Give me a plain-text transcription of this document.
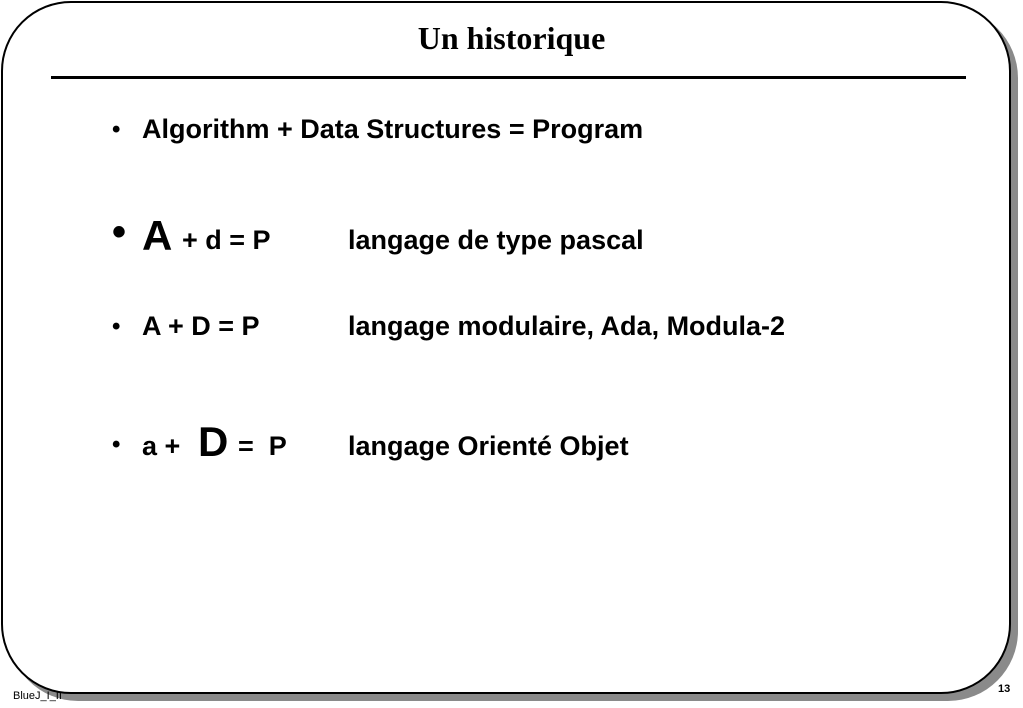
Un historique
• Algorithm + Data Structures = Program
• A + d = P	langage de type pascal
• A + D = P	langage modulaire, Ada, Modula-2
• a + D =  P langage Orienté Objet
BlueJ_I_II
13
